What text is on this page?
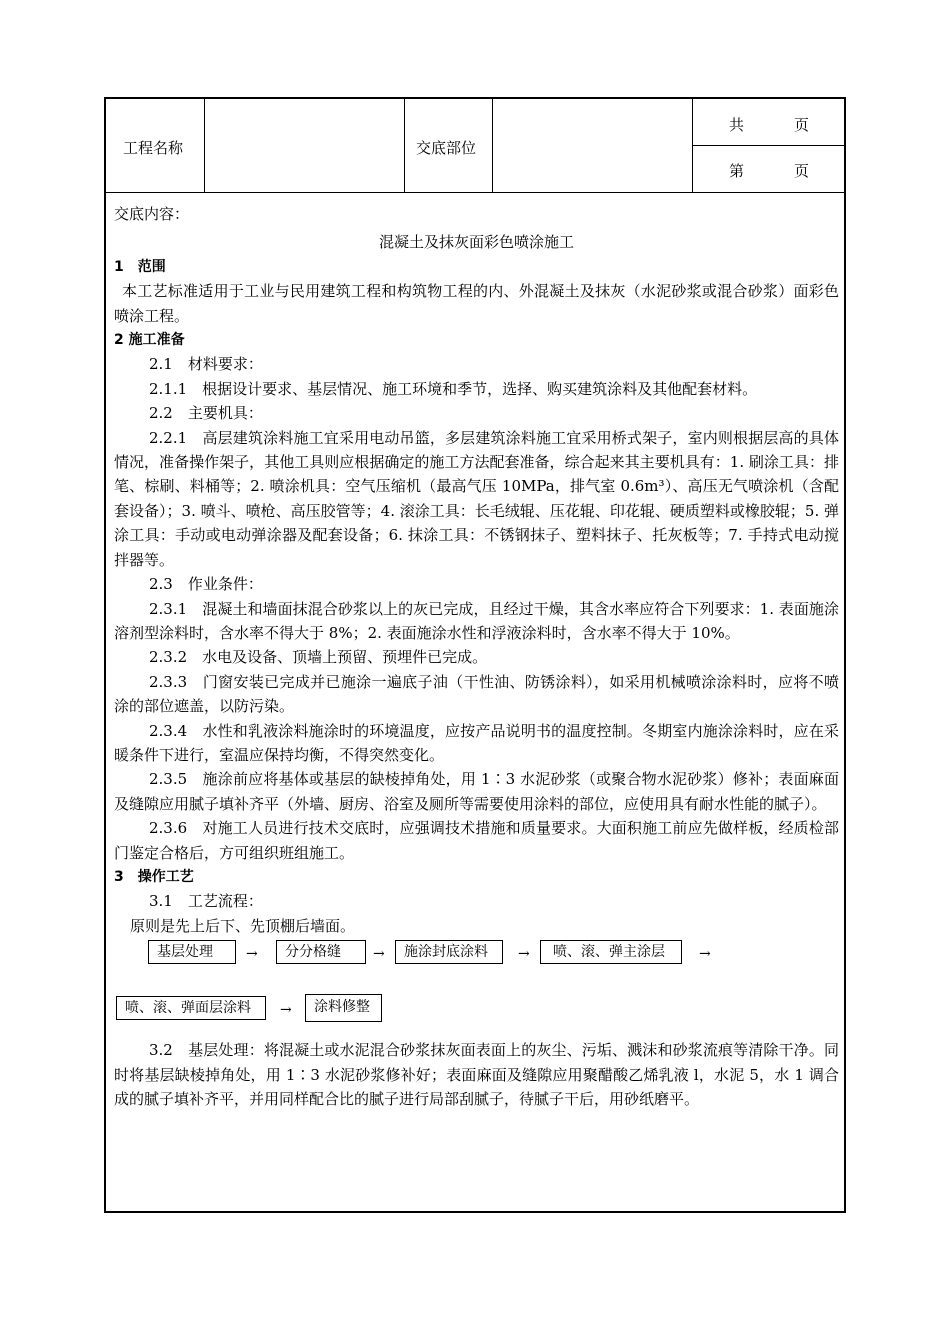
工程名称	交底部位
共	页
第	页

交底内容：

混凝土及抹灰面彩色喷涂施工

1　范围

本工艺标准适用于工业与民用建筑工程和构筑物工程的内、外混凝土及抹灰（水泥砂浆或混合砂浆）面彩色喷涂工程。

2 施工准备

2.1　材料要求：

2.1.1　根据设计要求、基层情况、施工环境和季节，选择、购买建筑涂料及其他配套材料。

2.2　主要机具：

2.2.1　高层建筑涂料施工宜采用电动吊篮，多层建筑涂料施工宜采用桥式架子，室内则根据层高的具体情况，准备操作架子，其他工具则应根据确定的施工方法配套准备，综合起来其主要机具有：1. 刷涂工具：排笔、棕刷、料桶等；2. 喷涂机具：空气压缩机（最高气压 10MPa，排气室 0.6m³）、高压无气喷涂机（含配套设备）；3. 喷斗、喷枪、高压胶管等；4. 滚涂工具：长毛绒辊、压花辊、印花辊、硬质塑料或橡胶辊；5. 弹涂工具：手动或电动弹涂器及配套设备；6. 抹涂工具：不锈钢抹子、塑料抹子、托灰板等；7. 手持式电动搅拌器等。

2.3　作业条件：

2.3.1　混凝土和墙面抹混合砂浆以上的灰已完成，且经过干燥，其含水率应符合下列要求：1. 表面施涂溶剂型涂料时，含水率不得大于 8%；2. 表面施涂水性和浮液涂料时，含水率不得大于 10%。

2.3.2　水电及设备、顶墙上预留、预埋件已完成。

2.3.3　门窗安装已完成并已施涂一遍底子油（干性油、防锈涂料），如采用机械喷涂涂料时，应将不喷涂的部位遮盖，以防污染。

2.3.4　水性和乳液涂料施涂时的环境温度，应按产品说明书的温度控制。冬期室内施涂涂料时，应在采暖条件下进行，室温应保持均衡，不得突然变化。

2.3.5　施涂前应将基体或基层的缺棱掉角处，用 1∶3 水泥砂浆（或聚合物水泥砂浆）修补；表面麻面及缝隙应用腻子填补齐平（外墙、厨房、浴室及厕所等需要使用涂料的部位，应使用具有耐水性能的腻子）。

2.3.6　对施工人员进行技术交底时，应强调技术措施和质量要求。大面积施工前应先做样板，经质检部门鉴定合格后，方可组织班组施工。

3　操作工艺

3.1　工艺流程：

原则是先上后下、先顶棚后墙面。

基层处理	→	分分格缝	→	施涂封底涂料	→	喷、滚、弹主涂层	→
喷、滚、弹面层涂料	→	涂料修整

3.2　基层处理：将混凝土或水泥混合砂浆抹灰面表面上的灰尘、污垢、溅沫和砂浆流痕等清除干净。同时将基层缺棱掉角处，用 1∶3 水泥砂浆修补好；表面麻面及缝隙应用聚醋酸乙烯乳液 l，水泥 5，水 1 调合成的腻子填补齐平，并用同样配合比的腻子进行局部刮腻子，待腻子干后，用砂纸磨平。
